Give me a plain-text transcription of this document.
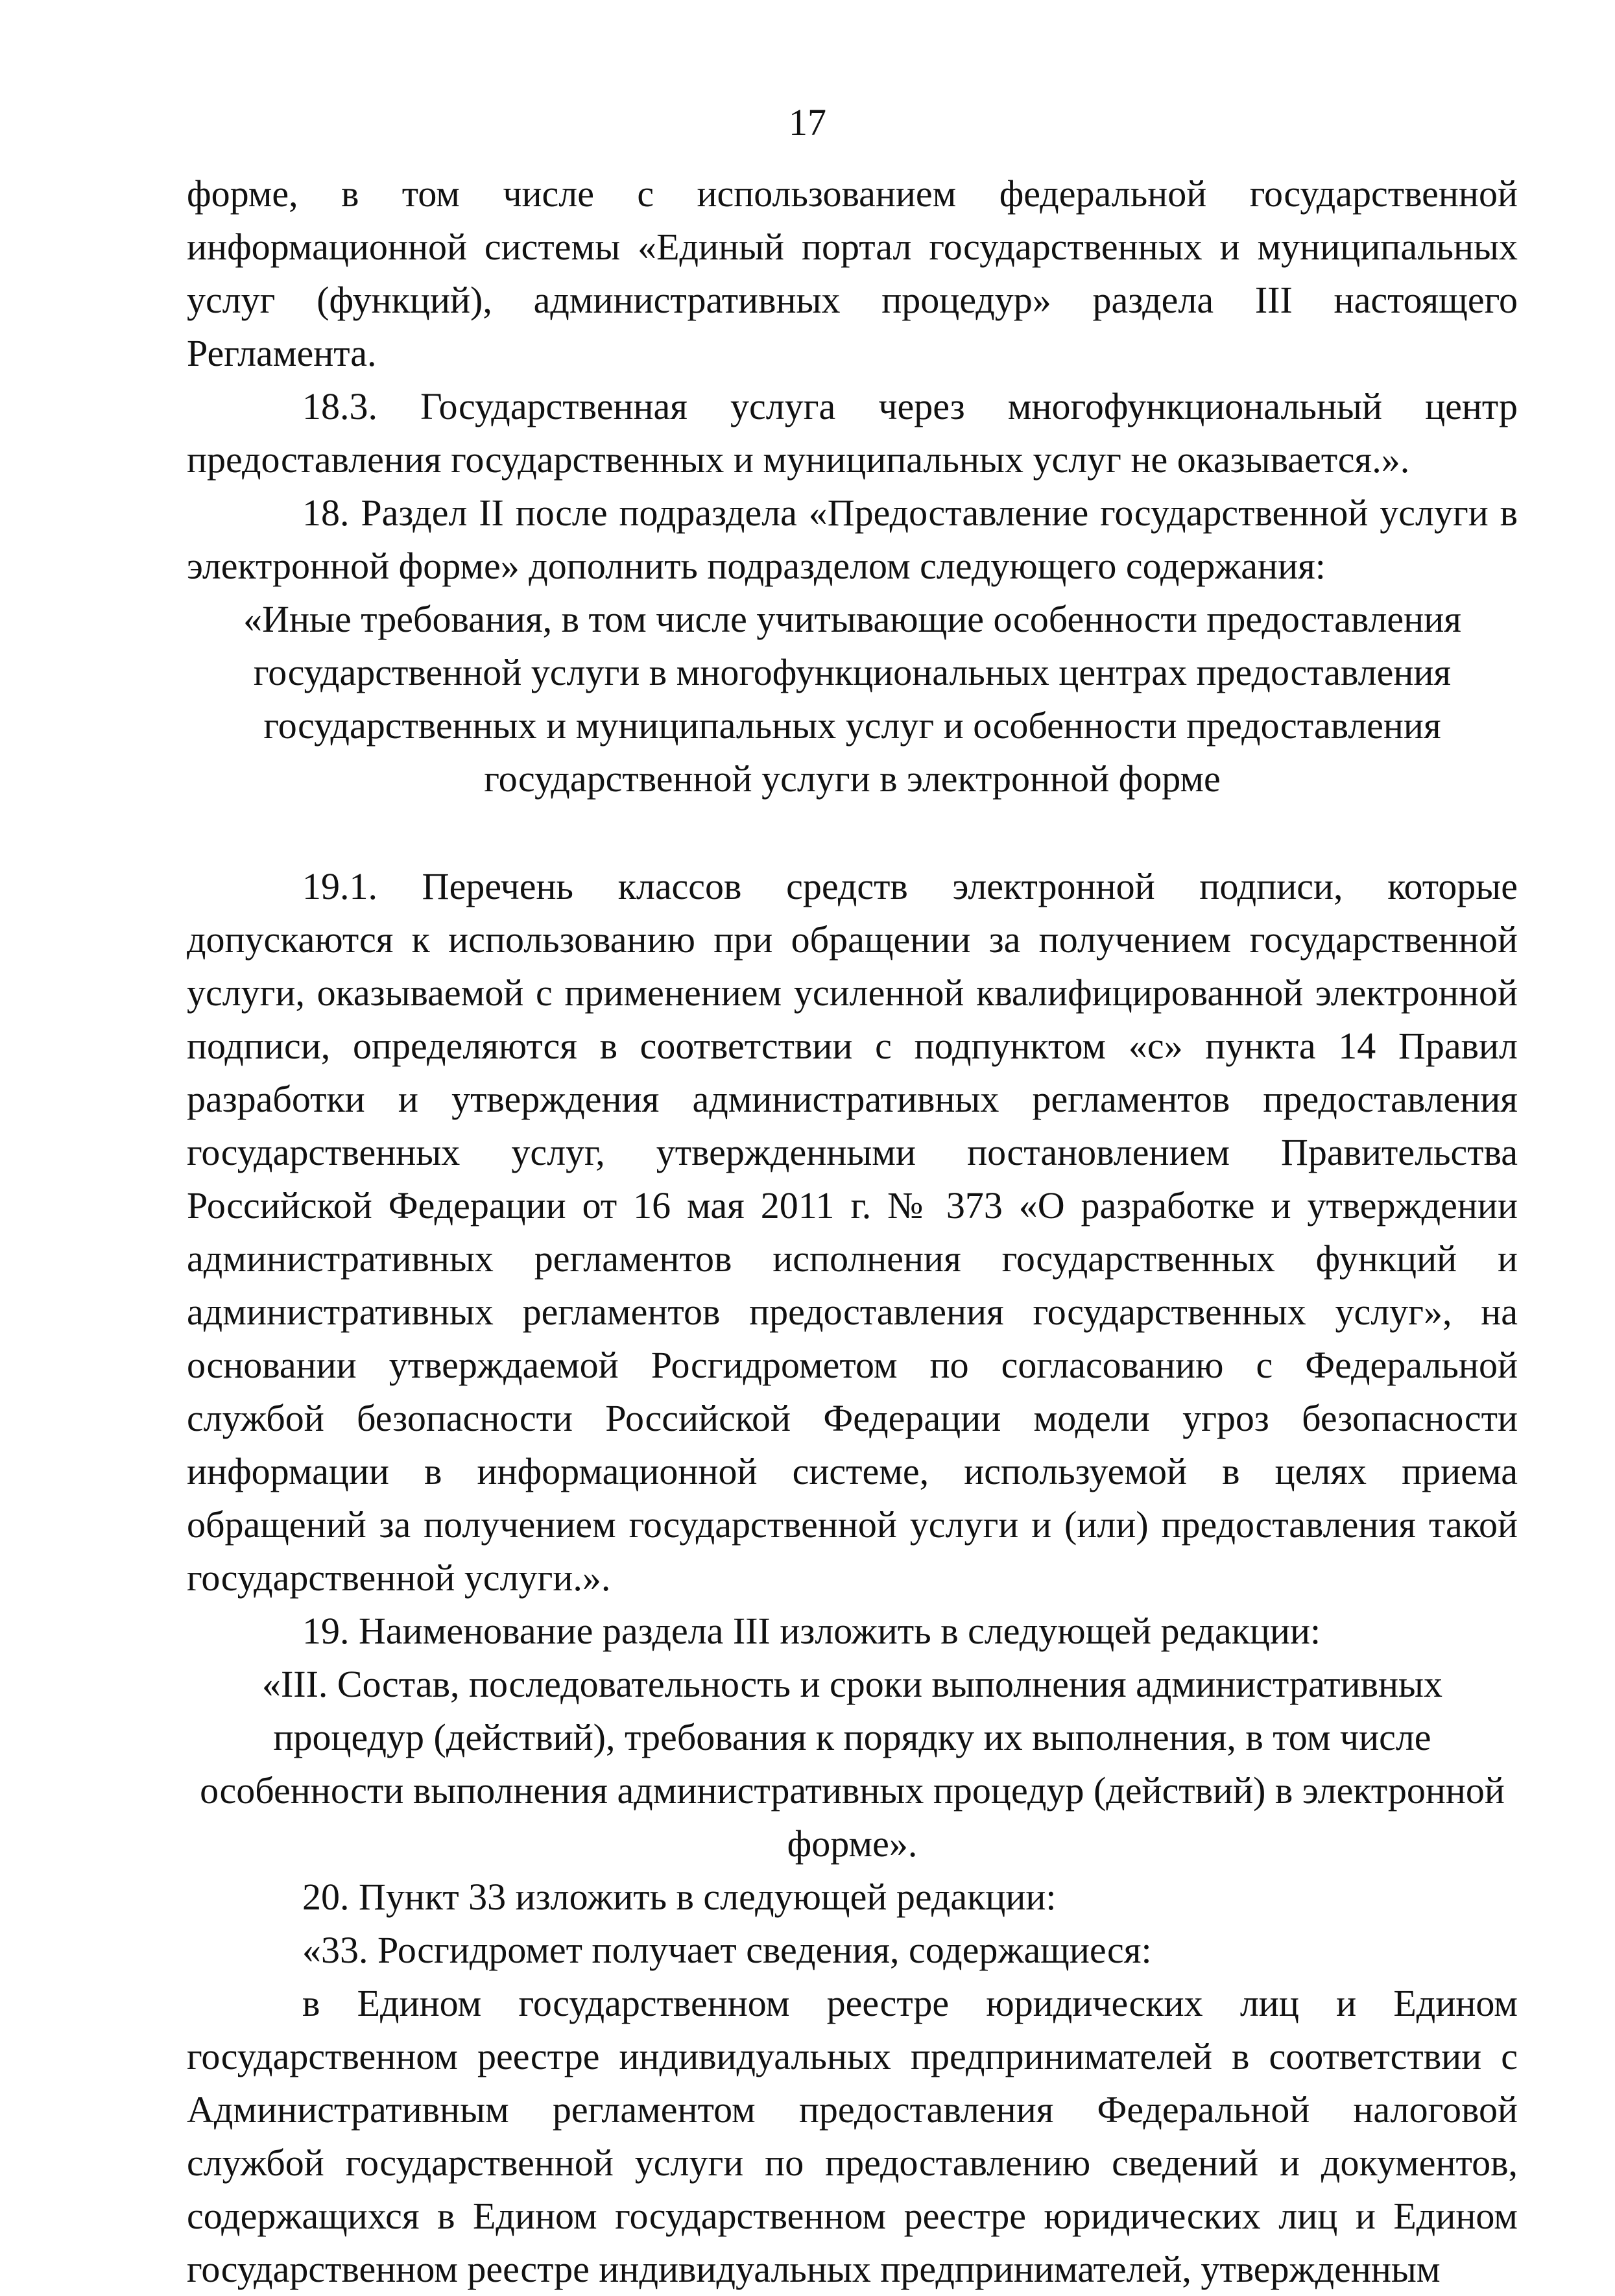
17

форме, в том числе с использованием федеральной государственной информационной системы «Единый портал государственных и муниципальных услуг (функций), административных процедур» раздела III настоящего Регламента.

18.3. Государственная услуга через многофункциональный центр предоставления государственных и муниципальных услуг не оказывается.».

18. Раздел II после подраздела «Предоставление государственной услуги в электронной форме» дополнить подразделом следующего содержания:

«Иные требования, в том числе учитывающие особенности предоставления государственной услуги в многофункциональных центрах предоставления государственных и муниципальных услуг и особенности предоставления государственной услуги в электронной форме

19.1. Перечень классов средств электронной подписи, которые допускаются к использованию при обращении за получением государственной услуги, оказываемой с применением усиленной квалифицированной электронной подписи, определяются в соответствии с подпунктом «с» пункта 14 Правил разработки и утверждения административных регламентов предоставления государственных услуг, утвержденными постановлением Правительства Российской Федерации от 16 мая 2011 г. № 373 «О разработке и утверждении административных регламентов исполнения государственных функций и административных регламентов предоставления государственных услуг», на основании утверждаемой Росгидрометом по согласованию с Федеральной службой безопасности Российской Федерации модели угроз безопасности информации в информационной системе, используемой в целях приема обращений за получением государственной услуги и (или) предоставления такой государственной услуги.».

19. Наименование раздела III изложить в следующей редакции:

«III. Состав, последовательность и сроки выполнения административных процедур (действий), требования к порядку их выполнения, в том числе особенности выполнения административных процедур (действий) в электронной форме».

20. Пункт 33 изложить в следующей редакции:

«33. Росгидромет получает сведения, содержащиеся:

в Едином государственном реестре юридических лиц и Едином государственном реестре индивидуальных предпринимателей в соответствии с Административным регламентом предоставления Федеральной налоговой службой государственной услуги по предоставлению сведений и документов, содержащихся в Едином государственном реестре юридических лиц и Едином государственном реестре индивидуальных предпринимателей, утвержденным
